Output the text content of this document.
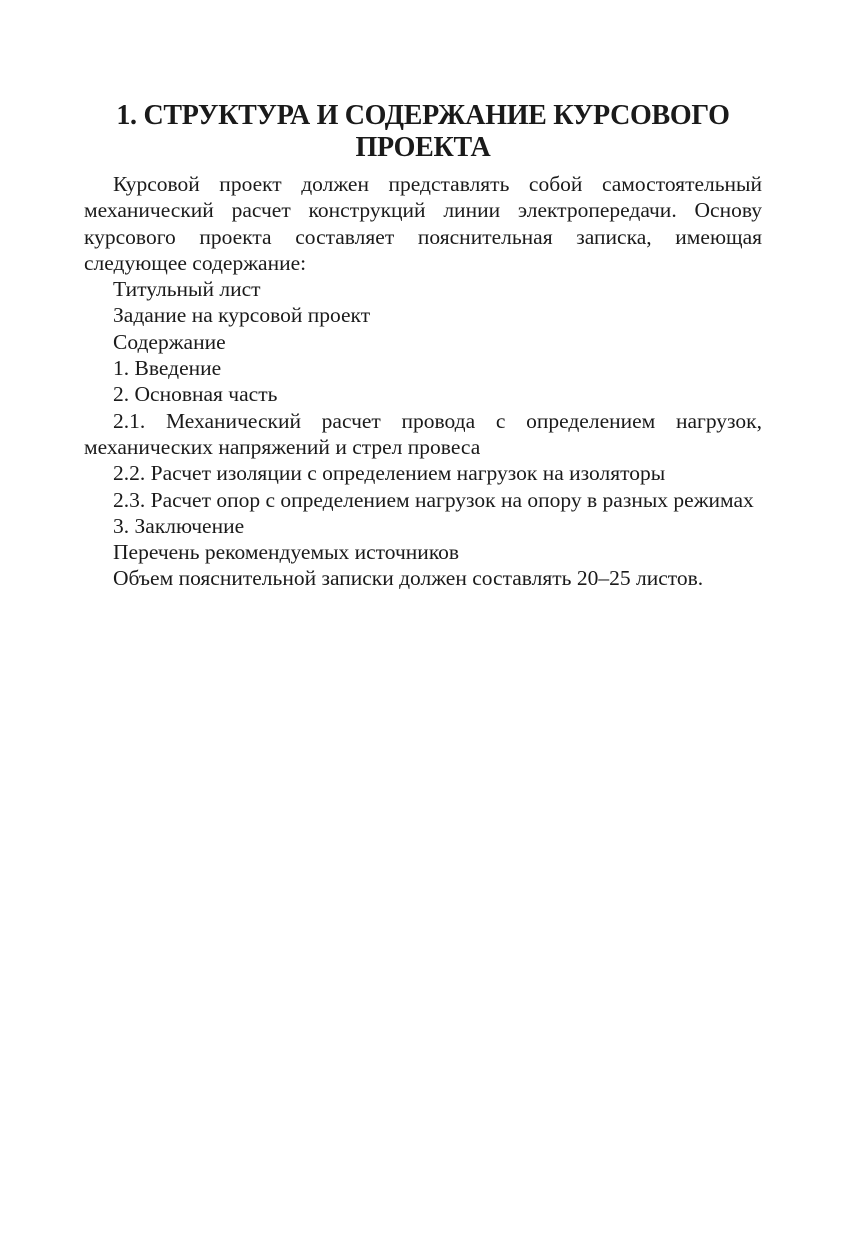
1. СТРУКТУРА И СОДЕРЖАНИЕ КУРСОВОГО
ПРОЕКТА

Курсовой проект должен представлять собой самостоятельный механический расчет конструкций линии электропередачи. Основу курсового проекта составляет пояснительная записка, имеющая следующее содержание:

Титульный лист

Задание на курсовой проект

Содержание

1. Введение

2. Основная часть

2.1. Механический расчет провода с определением нагрузок, механических напряжений и стрел провеса

2.2. Расчет изоляции с определением нагрузок на изоляторы

2.3. Расчет опор с определением нагрузок на опору в разных режимах

3. Заключение

Перечень рекомендуемых источников

Объем пояснительной записки должен составлять 20–25 листов.
